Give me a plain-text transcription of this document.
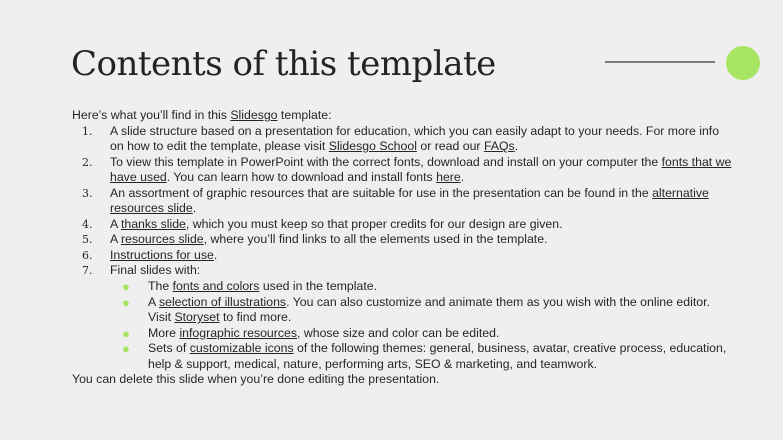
Contents of this template
Here’s what you’ll find in this Slidesgo template:
1.	A slide structure based on a presentation for education, which you can easily adapt to your needs. For more info on how to edit the template, please visit Slidesgo School or read our FAQs.
2.	To view this template in PowerPoint with the correct fonts, download and install on your computer the fonts that we have used. You can learn how to download and install fonts here.
3.	An assortment of graphic resources that are suitable for use in the presentation can be found in the alternative resources slide.
4.	A thanks slide, which you must keep so that proper credits for our design are given.
5.	A resources slide, where you’ll find links to all the elements used in the template.
6.	Instructions for use.
7.	Final slides with:
●	The fonts and colors used in the template.
●	A selection of illustrations. You can also customize and animate them as you wish with the online editor. Visit Storyset to find more.
●	More infographic resources, whose size and color can be edited.
●	Sets of customizable icons of the following themes: general, business, avatar, creative process, education, help & support, medical, nature, performing arts, SEO & marketing, and teamwork.
You can delete this slide when you’re done editing the presentation.
